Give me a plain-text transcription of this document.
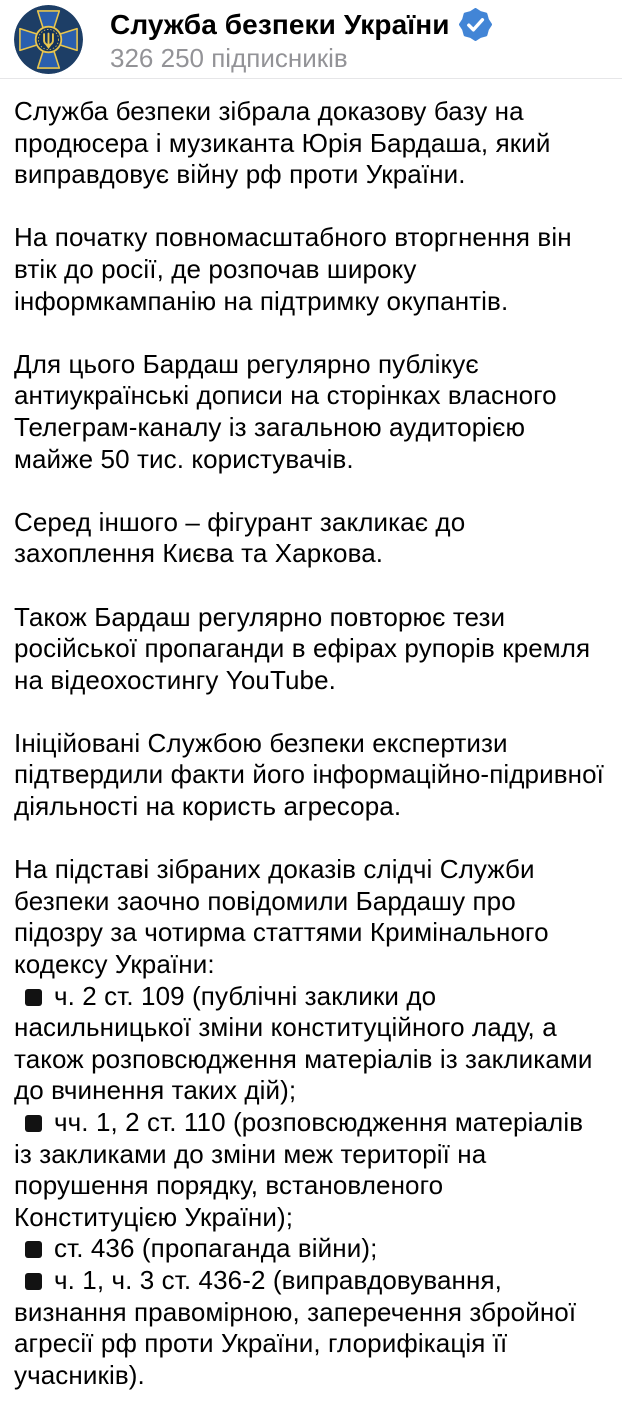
Служба безпеки України
326 250 підписників

Служба безпеки зібрала доказову базу на продюсера і музиканта Юрія Бардаша, який виправдовує війну рф проти України.

На початку повномасштабного вторгнення він втік до росії, де розпочав широку інформкампанію на підтримку окупантів.

Для цього Бардаш регулярно публікує антиукраїнські дописи на сторінках власного Телеграм-каналу із загальною аудиторією майже 50 тис. користувачів.

Серед іншого – фігурант закликає до захоплення Києва та Харкова.

Також Бардаш регулярно повторює тези російської пропаганди в ефірах рупорів кремля на відеохостингу YouTube.

Ініційовані Службою безпеки експертизи підтвердили факти його інформаційно-підривної діяльності на користь агресора.

На підставі зібраних доказів слідчі Служби безпеки заочно повідомили Бардашу про підозру за чотирма статтями Кримінального кодексу України:

ч. 2 ст. 109 (публічні заклики до насильницької зміни конституційного ладу, а також розповсюдження матеріалів із закликами до вчинення таких дій);

чч. 1, 2 ст. 110 (розповсюдження матеріалів із закликами до зміни меж території на порушення порядку, встановленого Конституцією України);

ст. 436 (пропаганда війни);

ч. 1, ч. 3 ст. 436-2 (виправдовування, визнання правомірною, заперечення збройної агресії рф проти України, глорифікація її учасників).
